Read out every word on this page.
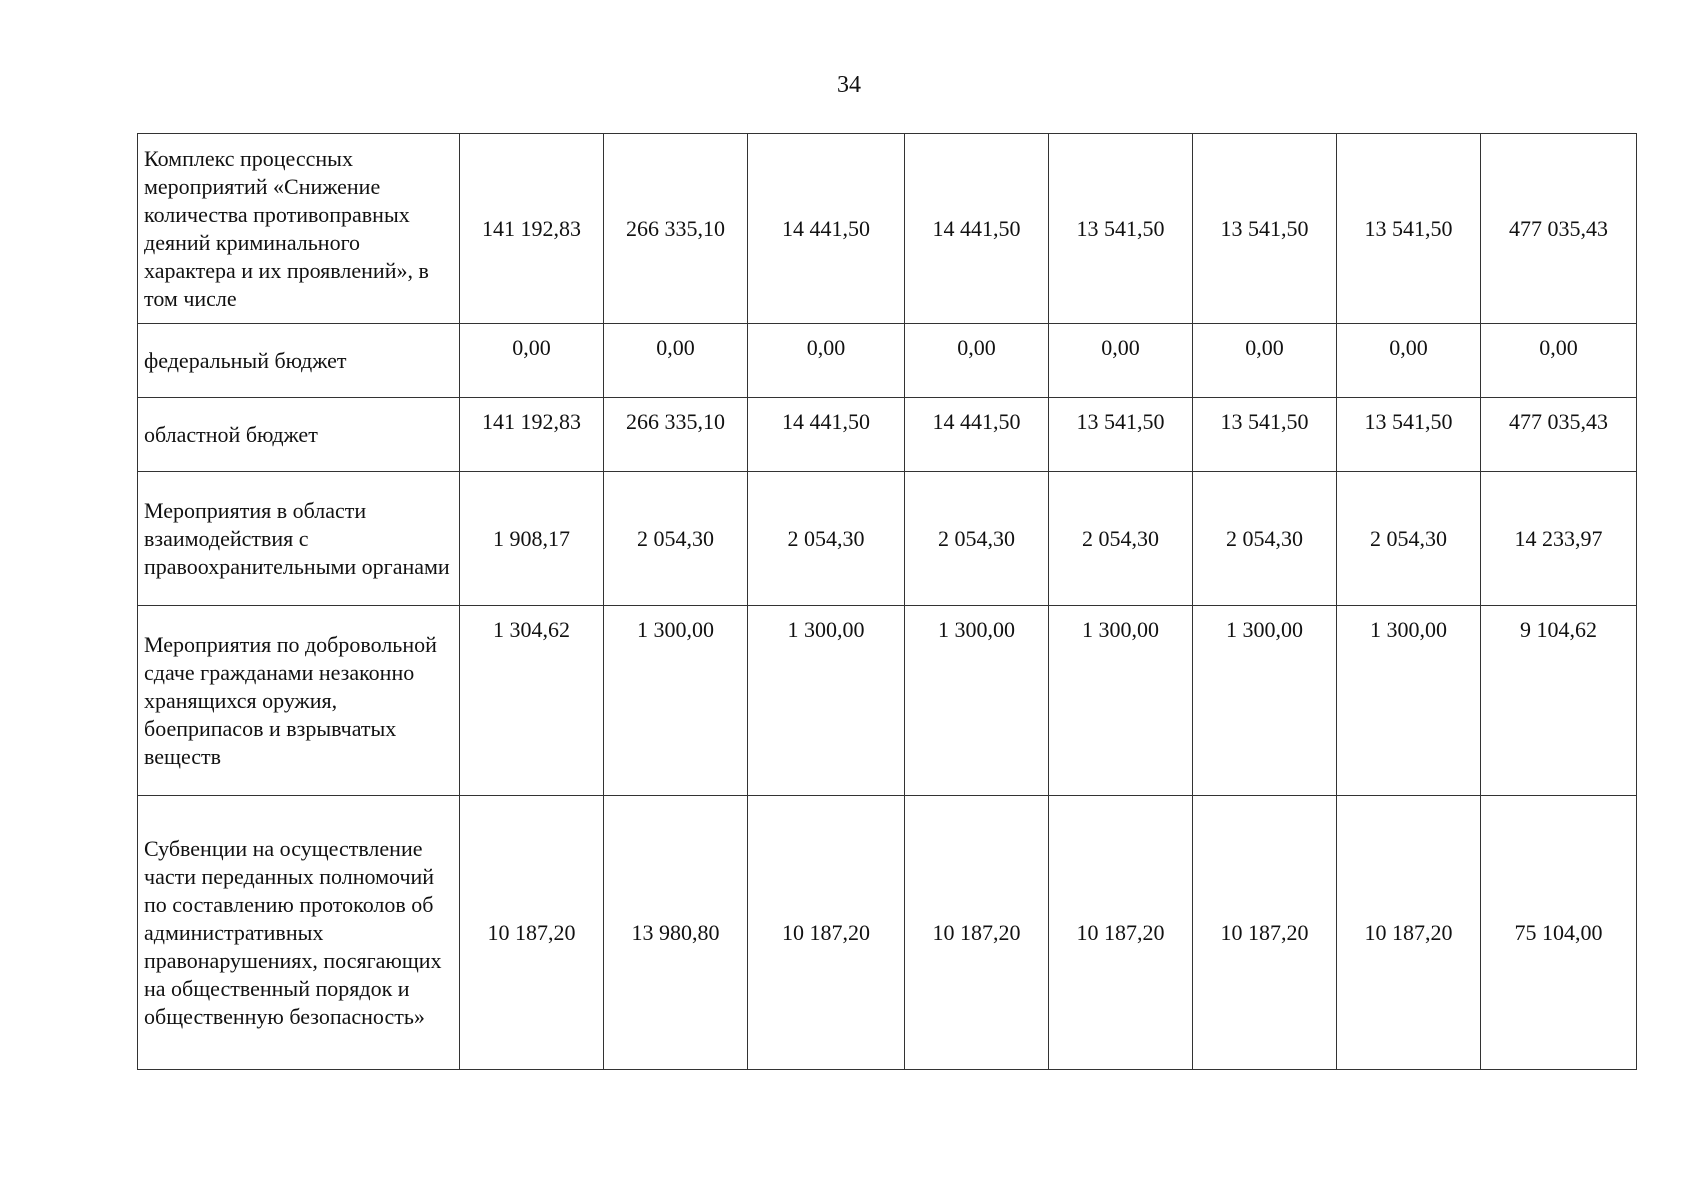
34
Комплекс процессных мероприятий «Снижение количества противоправных деяний криминального характера и их проявлений», в том числе	141 192,83	266 335,10	14 441,50	14 441,50	13 541,50	13 541,50	13 541,50	477 035,43
федеральный бюджет	0,00	0,00	0,00	0,00	0,00	0,00	0,00	0,00
областной бюджет	141 192,83	266 335,10	14 441,50	14 441,50	13 541,50	13 541,50	13 541,50	477 035,43
Мероприятия в области взаимодействия с правоохранительными органами	1 908,17	2 054,30	2 054,30	2 054,30	2 054,30	2 054,30	2 054,30	14 233,97
Мероприятия по добровольной сдаче гражданами незаконно хранящихся оружия, боеприпасов и взрывчатых веществ	1 304,62	1 300,00	1 300,00	1 300,00	1 300,00	1 300,00	1 300,00	9 104,62
Субвенции на осуществление части переданных полномочий по составлению протоколов об административных правонарушениях, посягающих на общественный порядок и общественную безопасность»	10 187,20	13 980,80	10 187,20	10 187,20	10 187,20	10 187,20	10 187,20	75 104,00
